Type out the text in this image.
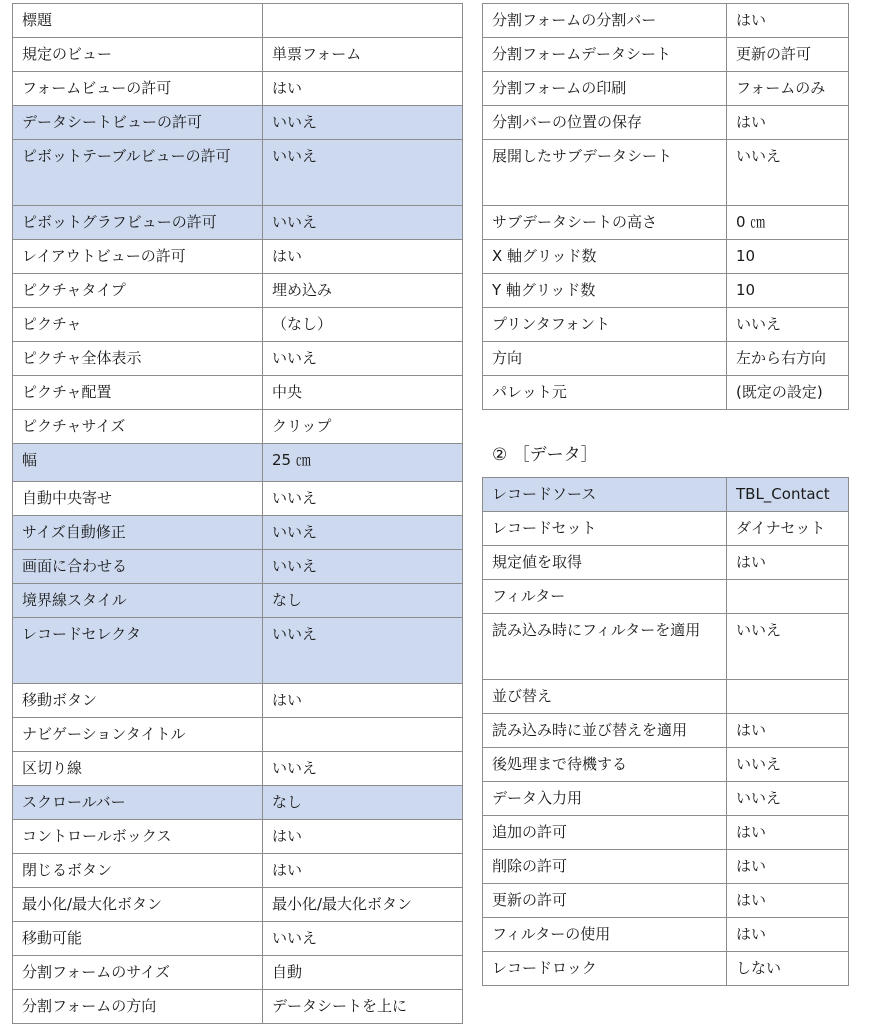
標題	
規定のビュー	単票フォーム
フォームビューの許可	はい
データシートビューの許可	いいえ
ピボットテーブルビューの許可	いいえ
ピボットグラフビューの許可	いいえ
レイアウトビューの許可	はい
ピクチャタイプ	埋め込み
ピクチャ	（なし）
ピクチャ全体表示	いいえ
ピクチャ配置	中央
ピクチャサイズ	クリップ
幅	25 ㎝
自動中央寄せ	いいえ
サイズ自動修正	いいえ
画面に合わせる	いいえ
境界線スタイル	なし
レコードセレクタ	いいえ
移動ボタン	はい
ナビゲーションタイトル	
区切り線	いいえ
スクロールバー	なし
コントロールボックス	はい
閉じるボタン	はい
最小化/最大化ボタン	最小化/最大化ボタン
移動可能	いいえ
分割フォームのサイズ	自動
分割フォームの方向	データシートを上に
分割フォームの分割バー	はい
分割フォームデータシート	更新の許可
分割フォームの印刷	フォームのみ
分割バーの位置の保存	はい
展開したサブデータシート	いいえ
サブデータシートの高さ	0 ㎝
X 軸グリッド数	10
Y 軸グリッド数	10
プリンタフォント	いいえ
方向	左から右方向
パレット元	(既定の設定)
② ［データ］
レコードソース	TBL_Contact
レコードセット	ダイナセット
規定値を取得	はい
フィルター	
読み込み時にフィルターを適用	いいえ
並び替え	
読み込み時に並び替えを適用	はい
後処理まで待機する	いいえ
データ入力用	いいえ
追加の許可	はい
削除の許可	はい
更新の許可	はい
フィルターの使用	はい
レコードロック	しない
